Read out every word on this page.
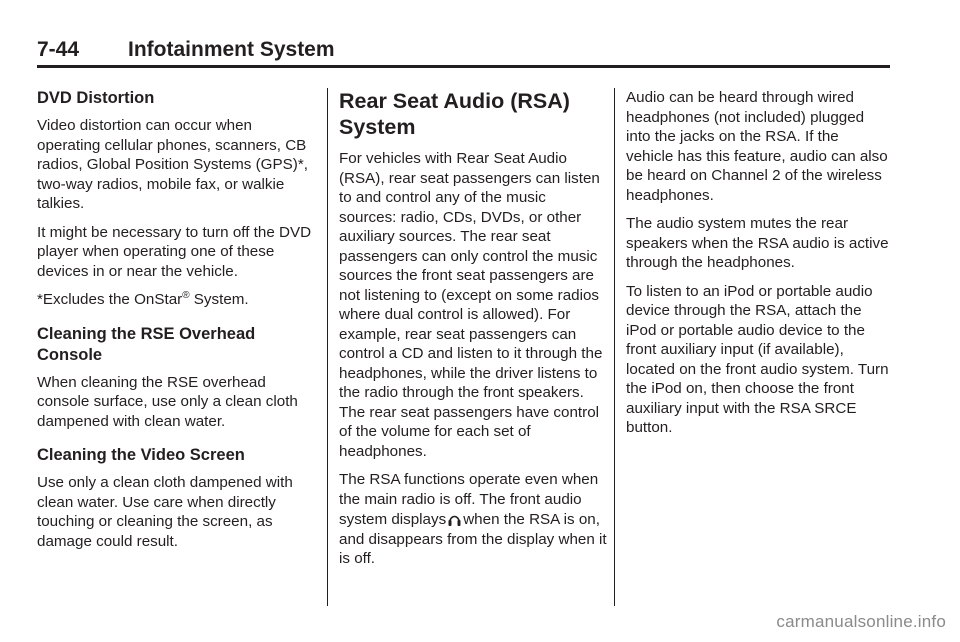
7-44 Infotainment System
DVD Distortion

Video distortion can occur when operating cellular phones, scanners, CB radios, Global Position Systems (GPS)*, two-way radios, mobile fax, or walkie talkies.

It might be necessary to turn off the DVD player when operating one of these devices in or near the vehicle.

*Excludes the OnStar® System.

Cleaning the RSE Overhead Console

When cleaning the RSE overhead console surface, use only a clean cloth dampened with clean water.

Cleaning the Video Screen

Use only a clean cloth dampened with clean water. Use care when directly touching or cleaning the screen, as damage could result.

Rear Seat Audio (RSA) System

For vehicles with Rear Seat Audio (RSA), rear seat passengers can listen to and control any of the music sources: radio, CDs, DVDs, or other auxiliary sources. The rear seat passengers can only control the music sources the front seat passengers are not listening to (except on some radios where dual control is allowed). For example, rear seat passengers can control a CD and listen to it through the headphones, while the driver listens to the radio through the front speakers. The rear seat passengers have control of the volume for each set of headphones.

The RSA functions operate even when the main radio is off. The front audio system displays when the RSA is on, and disappears from the display when it is off.

Audio can be heard through wired headphones (not included) plugged into the jacks on the RSA. If the vehicle has this feature, audio can also be heard on Channel 2 of the wireless headphones.

The audio system mutes the rear speakers when the RSA audio is active through the headphones.

To listen to an iPod or portable audio device through the RSA, attach the iPod or portable audio device to the front auxiliary input (if available), located on the front audio system. Turn the iPod on, then choose the front auxiliary input with the RSA SRCE button.

carmanualsonline.info
